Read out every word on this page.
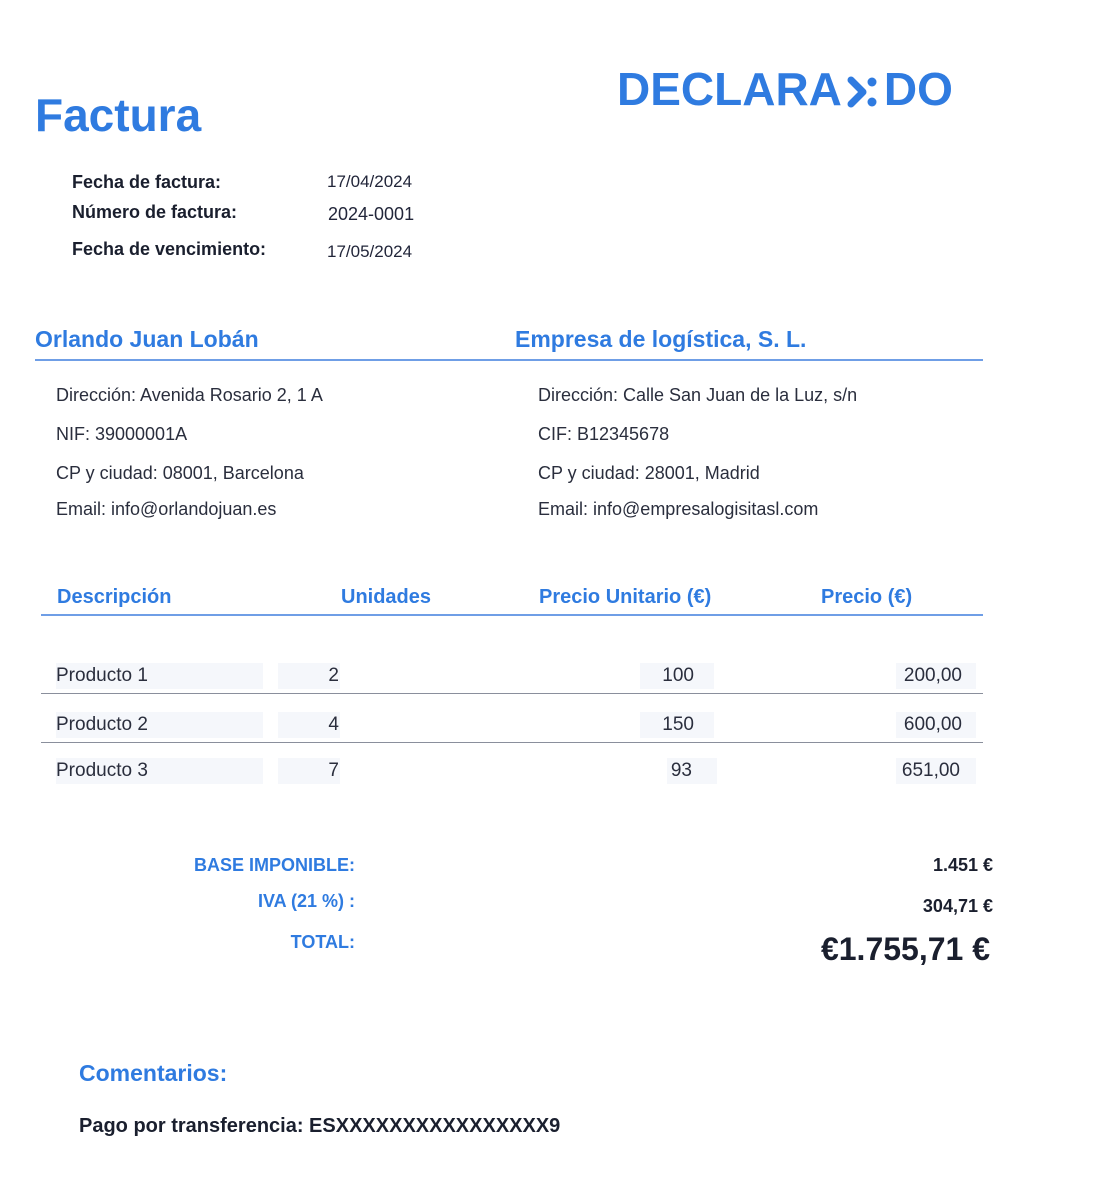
Factura	DECLARA DO
Fecha de factura:	17/04/2024
Número de factura:	2024-0001
Fecha de vencimiento:	17/05/2024
Orlando Juan Lobán	Empresa de logística, S. L.
Dirección: Avenida Rosario 2, 1 A
NIF: 39000001A
CP y ciudad: 08001, Barcelona
Email: info@orlandojuan.es
Dirección: Calle San Juan de la Luz, s/n
CIF: B12345678
CP y ciudad: 28001, Madrid
Email: info@empresalogisitasl.com
Descripción	Unidades	Precio Unitario (€)	Precio (€)
Producto 1	2	100	200,00
Producto 2	4	150	600,00
Producto 3	7	93	651,00
BASE IMPONIBLE:	1.451 €
IVA (21 %) :	304,71 €
TOTAL:	€1.755,71 €
Comentarios:
Pago por transferencia: ESXXXXXXXXXXXXXXXX9
